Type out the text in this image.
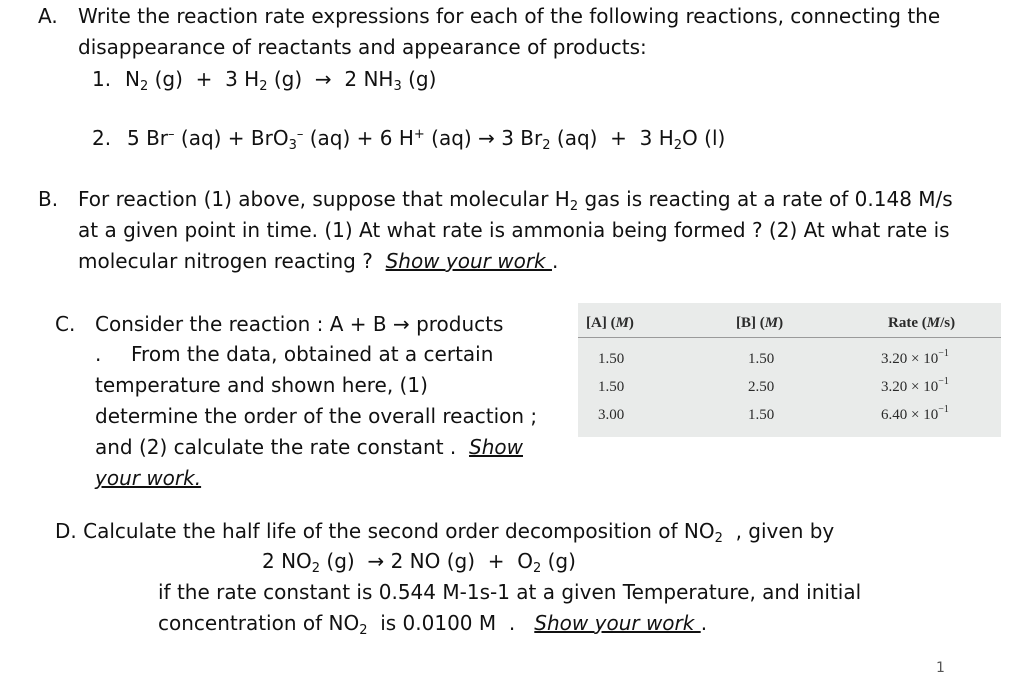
A. Write the reaction rate expressions for each of the following reactions, connecting the
disappearance of reactants and appearance of products:
1. $N_2$ (g)  +  3 $H_2$ (g)  →  2 $NH_3$ (g)
2. 5 Br– (aq) + BrO$_3$– (aq) + 6 H+ (aq) → 3 $Br_2$ (aq)  +  3 $H_2O$ (l)
B. For reaction (1) above, suppose that molecular $H_2$ gas is reacting at a rate of 0.148 M/s
at a given point in time. (1) At what rate is ammonia being formed ? (2) At what rate is
molecular nitrogen reacting ?  Show your work .
C. Consider the reaction : A + B → products
. From the data, obtained at a certain
temperature and shown here, (1)
determine the order of the overall reaction ;
and (2) calculate the rate constant .  Show
your work.
[A] (M)	[B] (M)	Rate (M/s)
1.50	1.50	$3.20 \times 10^{-1}$
1.50	2.50	$3.20 \times 10^{-1}$
3.00	1.50	$6.40 \times 10^{-1}$
D. Calculate the half life of the second order decomposition of $NO_2$  , given by
2 $NO_2$ (g)  → 2 NO $(g) + O_2$ (g)
if the rate constant is 0.544 M-1s-1 at a given Temperature, and initial
concentration of $NO_2$  is 0.0100 M  .   Show your work .
1
